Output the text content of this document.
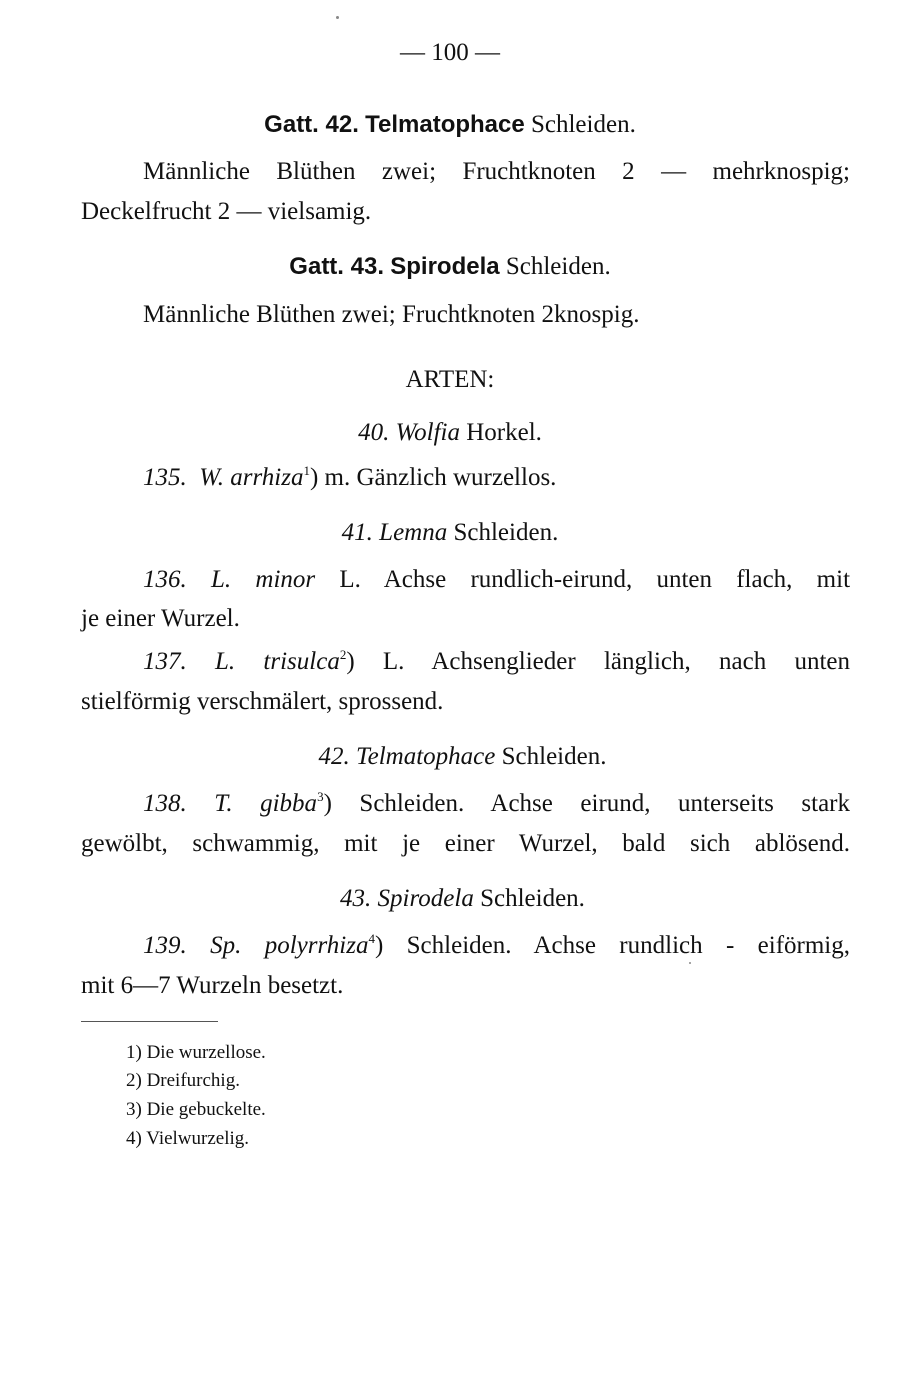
— 100 —
Gatt. 42. Telmatophace Schleiden.
Männliche Blüthen zwei; Fruchtknoten 2 — mehrknospig;
Deckelfrucht 2 — vielsamig.
Gatt. 43. Spirodela Schleiden.
Männliche Blüthen zwei; Fruchtknoten 2knospig.
ARTEN:
40. Wolfia Horkel.
135. W. arrhiza$^1$) m. Gänzlich wurzellos.
41. Lemna Schleiden.
136. L. minor L. Achse rundlich-eirund, unten flach, mit
je einer Wurzel.
137. L. trisulca$^2$) L. Achsenglieder länglich, nach unten
stielförmig verschmälert, sprossend.
42. Telmatophace Schleiden.
138. T. gibba$^3$) Schleiden. Achse eirund, unterseits stark
gewölbt, schwammig, mit je einer Wurzel, bald sich ablösend.
43. Spirodela Schleiden.
139. Sp. polyrrhiza$^4$) Schleiden. Achse rundlich - eiförmig,
mit 6—7 Wurzeln besetzt.
1) Die wurzellose.
2) Dreifurchig.
3) Die gebuckelte.
4) Vielwurzelig.
